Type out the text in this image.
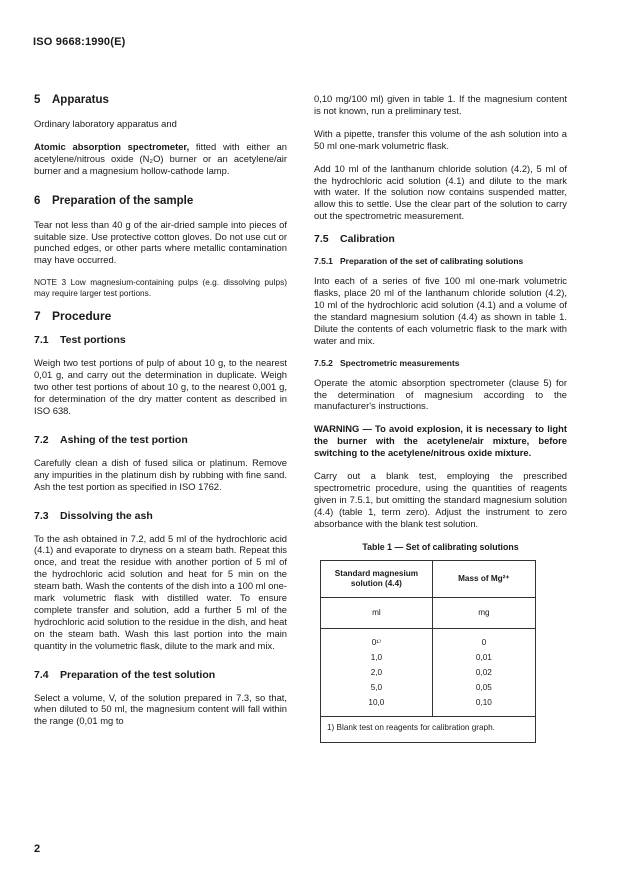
ISO 9668:1990(E)
5 Apparatus

Ordinary laboratory apparatus and

Atomic absorption spectrometer, fitted with either an acetylene/nitrous oxide (N₂O) burner or an acetylene/air burner and a magnesium hollow-cathode lamp.

6 Preparation of the sample

Tear not less than 40 g of the air-dried sample into pieces of suitable size. Use protective cotton gloves. Do not use cut or punched edges, or other parts where metallic contamination may have occurred.

NOTE 3 Low magnesium-containing pulps (e.g. dissolving pulps) may require larger test portions.

7 Procedure
7.1 Test portions

Weigh two test portions of pulp of about 10 g, to the nearest 0,01 g, and carry out the determination in duplicate. Weigh two other test portions of about 10 g, to the nearest 0,001 g, for determination of the dry matter content as described in ISO 638.

7.2 Ashing of the test portion

Carefully clean a dish of fused silica or platinum. Remove any impurities in the platinum dish by rubbing with fine sand. Ash the test portion as specified in ISO 1762.

7.3 Dissolving the ash

To the ash obtained in 7.2, add 5 ml of the hydrochloric acid (4.1) and evaporate to dryness on a steam bath. Repeat this once, and treat the residue with another portion of 5 ml of the hydrochloric acid solution and heat for 5 min on the steam bath. Wash the contents of the dish into a 100 ml one-mark volumetric flask with distilled water. To ensure complete transfer and solution, add a further 5 ml of the hydrochloric acid solution to the residue in the dish, and heat on the steam bath. Wash this last portion into the main quantity in the volumetric flask, dilute to the mark and mix.

7.4 Preparation of the test solution

Select a volume, V, of the solution prepared in 7.3, so that, when diluted to 50 ml, the magnesium content will fall within the range (0,01 mg to

0,10 mg/100 ml) given in table 1. If the magnesium content is not known, run a preliminary test.

With a pipette, transfer this volume of the ash solution into a 50 ml one-mark volumetric flask.

Add 10 ml of the lanthanum chloride solution (4.2), 5 ml of the hydrochloric acid solution (4.1) and dilute to the mark with water. If the solution now contains suspended matter, allow this to settle. Use the clear part of the solution to carry out the spectrometric measurement.

7.5 Calibration
7.5.1 Preparation of the set of calibrating solutions

Into each of a series of five 100 ml one-mark volumetric flasks, place 20 ml of the lanthanum chloride solution (4.2), 10 ml of the hydrochloric acid solution (4.1) and a volume of the standard magnesium solution (4.4) as shown in table 1. Dilute the contents of each volumetric flask to the mark with water and mix.

7.5.2 Spectrometric measurements

Operate the atomic absorption spectrometer (clause 5) for the determination of magnesium according to the manufacturer's instructions.

WARNING — To avoid explosion, it is necessary to light the burner with the acetylene/air mixture, before switching to the acetylene/nitrous oxide mixture.

Carry out a blank test, employing the prescribed spectrometric procedure, using the quantities of reagents given in 7.5.1, but omitting the standard magnesium solution (4.4) (table 1, term zero). Adjust the instrument to zero absorbance with the blank test solution.

Table 1 — Set of calibrating solutions
Standard magnesium solution (4.4)	Mass of Mg²⁺
ml	mg
0¹⁾	0
1,0	0,01
2,0	0,02
5,0	0,05
10,0	0,10
1) Blank test on reagents for calibration graph.	
2
